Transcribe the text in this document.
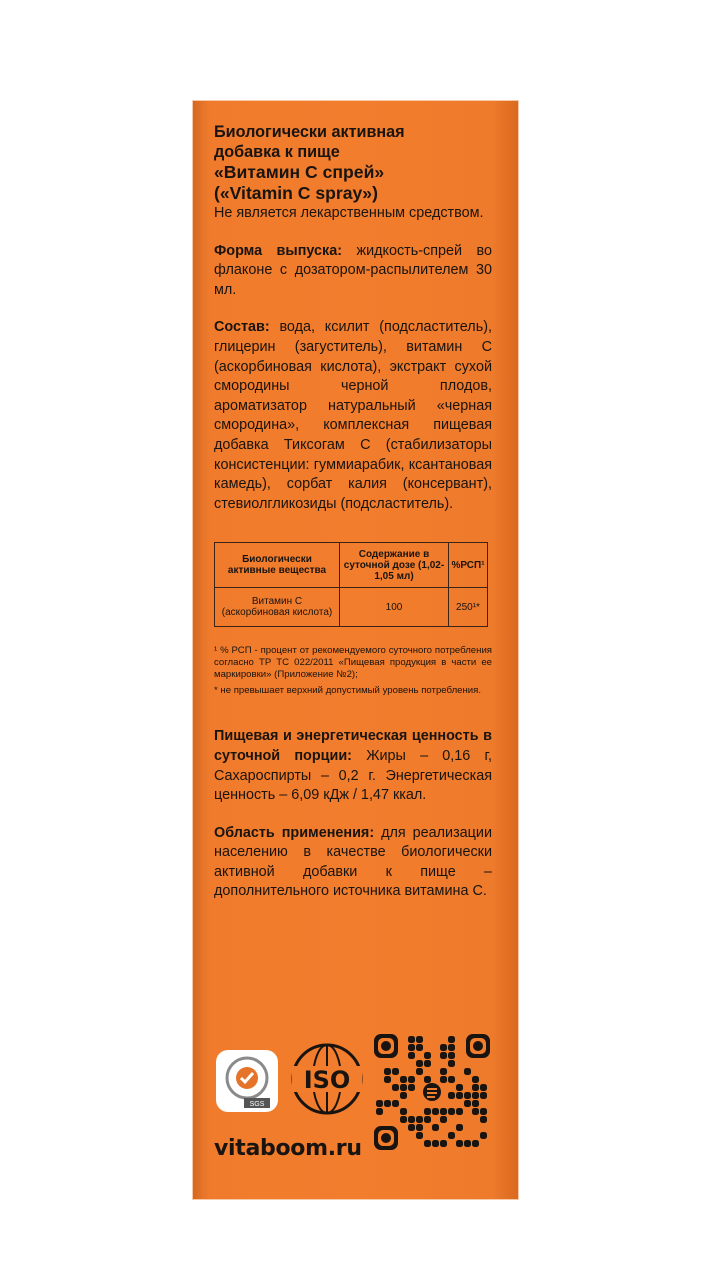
Биологически активная
добавка к пище
«Витамин С спрей»
(«Vitamin C spray»)

Не является лекарственным средством.

Форма выпуска: жидкость-спрей во флаконе с дозатором-распылителем 30 мл.

Состав: вода, ксилит (подсластитель), глицерин (загуститель), витамин С (аскорбиновая кислота), экстракт сухой смородины черной плодов, ароматизатор натуральный «черная смородина», комплексная пищевая добавка Тиксогам С (стабилизаторы консистенции: гуммиарабик, ксантановая камедь), сорбат калия (консервант), стевиолгликозиды (подсластитель).

Биологически активные вещества	Содержание в суточной дозе (1,02-1,05 мл)	%РСП¹
Витамин С (аскорбиновая кислота)	100	250¹*

¹ % РСП - процент от рекомендуемого суточного потребления согласно ТР ТС 022/2011 «Пищевая продукция в части ее маркировки» (Приложение №2);

* не превышает верхний допустимый уровень потребления.

Пищевая и энергетическая ценность в суточной порции: Жиры – 0,16 г, Сахароспирты – 0,2 г. Энергетическая ценность – 6,09 кДж / 1,47 ккал.

Область применения: для реализации населению в качестве биологически активной добавки к пище – дополнительного источника витамина С.

SGS
ISO
vitaboom.ru
